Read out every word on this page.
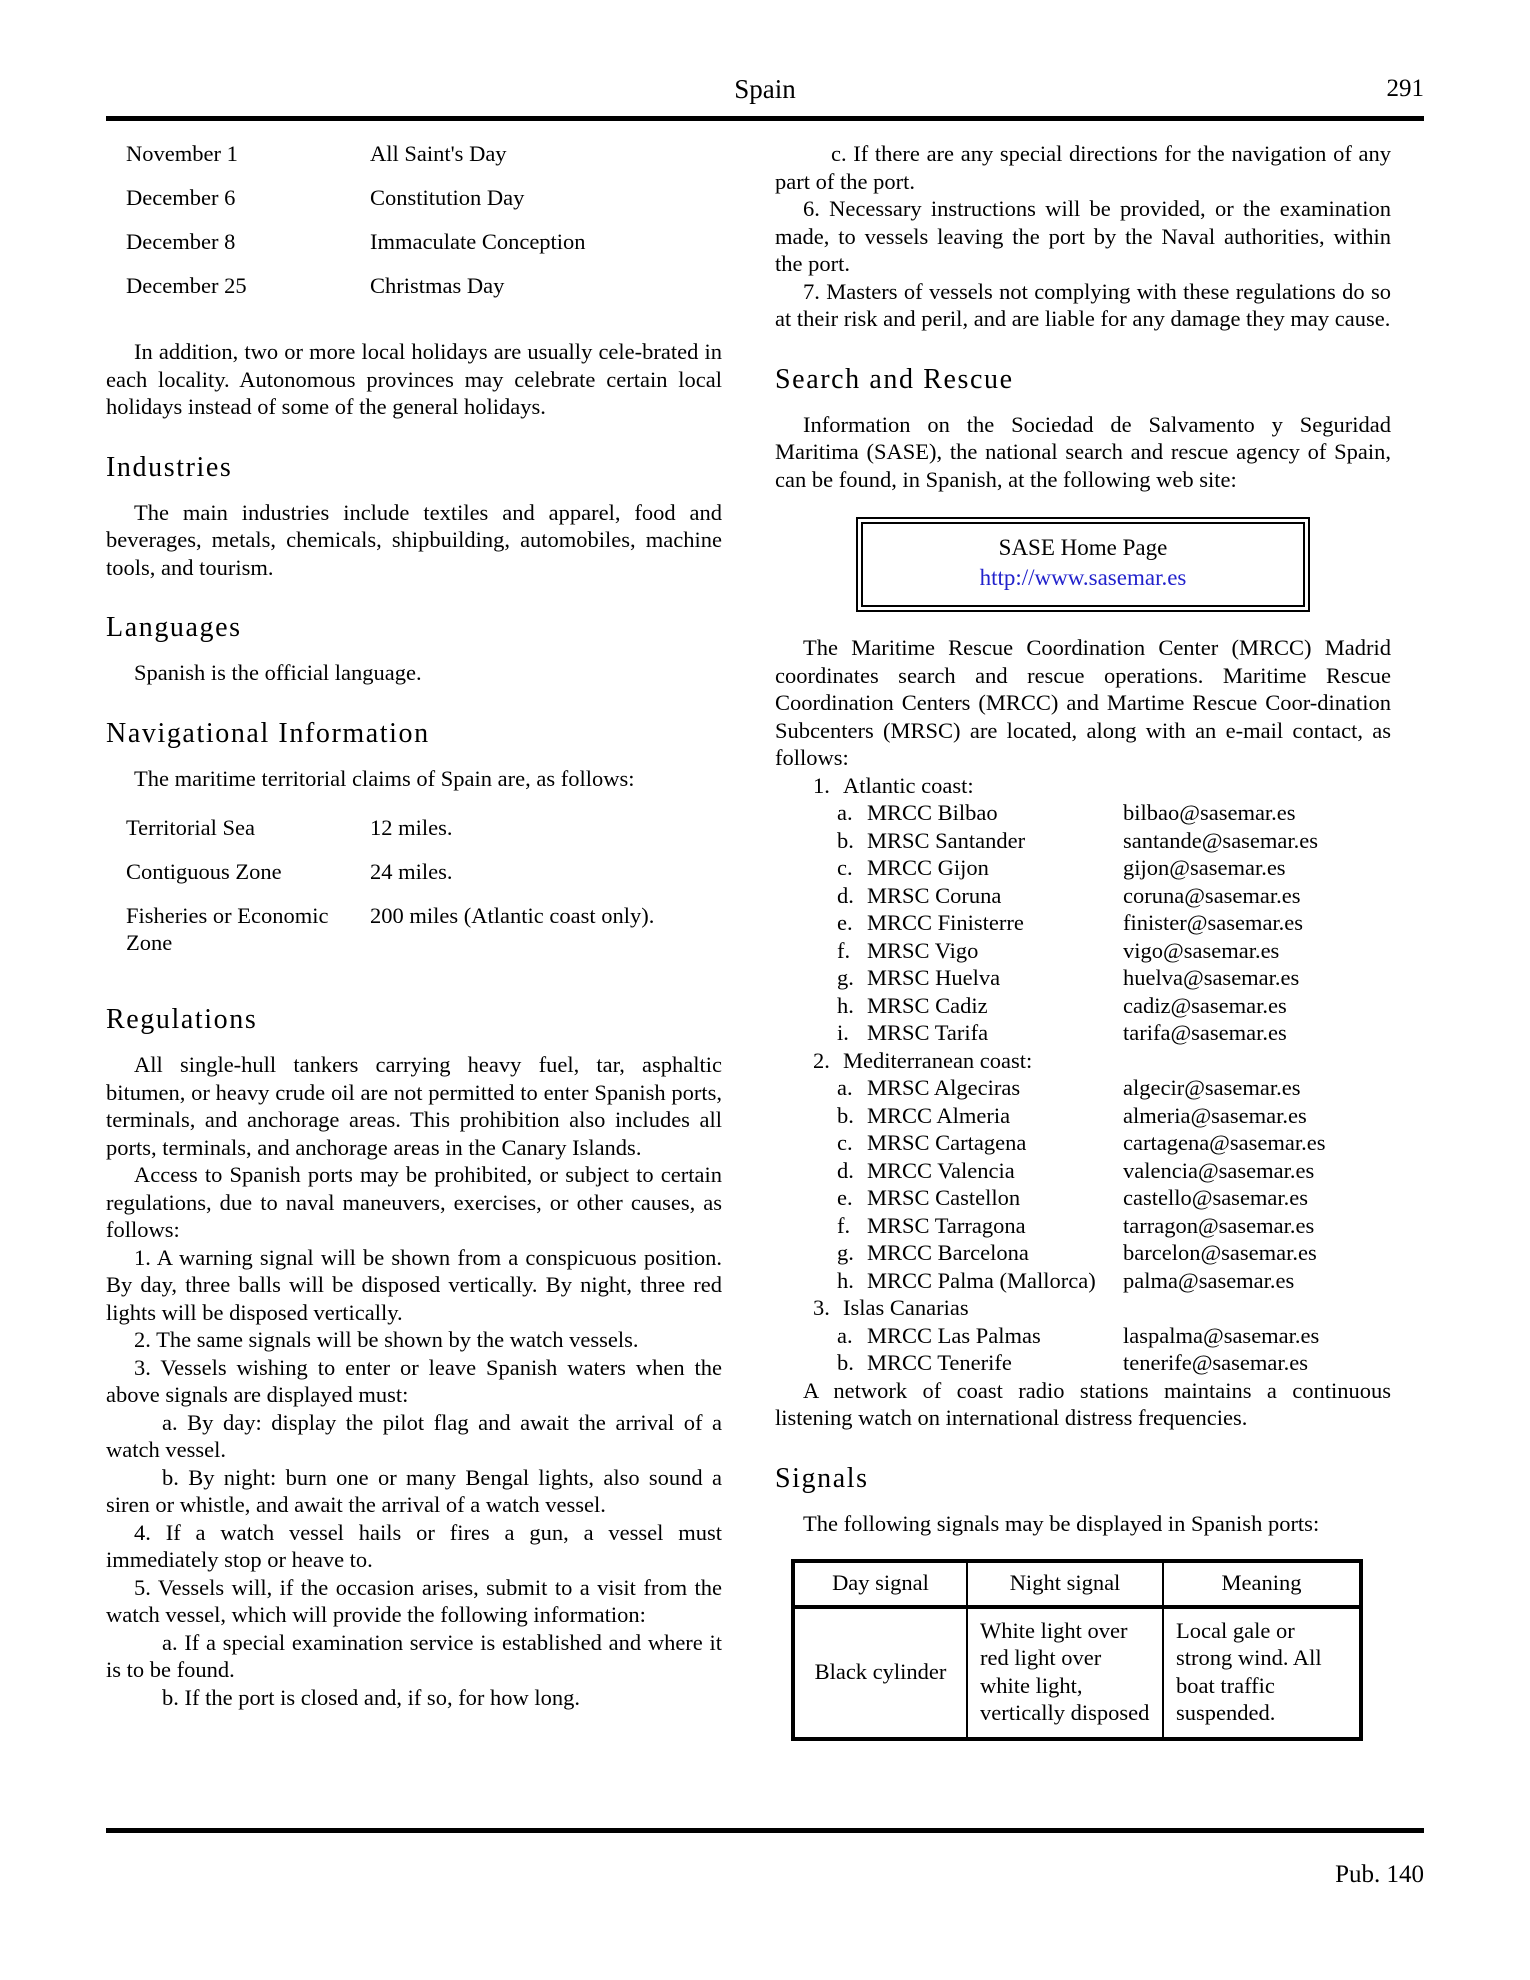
Spain	291
November 1	All Saint's Day
December 6	Constitution Day
December 8	Immaculate Conception
December 25	Christmas Day

In addition, two or more local holidays are usually cele-brated in each locality. Autonomous provinces may celebrate certain local holidays instead of some of the general holidays.

Industries

The main industries include textiles and apparel, food and beverages, metals, chemicals, shipbuilding, automobiles, machine tools, and tourism.

Languages

Spanish is the official language.

Navigational Information

The maritime territorial claims of Spain are, as follows:

Territorial Sea	12 miles.
Contiguous Zone	24 miles.
Fisheries or Economic Zone	200 miles (Atlantic coast only).
Regulations

All single-hull tankers carrying heavy fuel, tar, asphaltic bitumen, or heavy crude oil are not permitted to enter Spanish ports, terminals, and anchorage areas. This prohibition also includes all ports, terminals, and anchorage areas in the Canary Islands.

Access to Spanish ports may be prohibited, or subject to certain regulations, due to naval maneuvers, exercises, or other causes, as follows:

1. A warning signal will be shown from a conspicuous position. By day, three balls will be disposed vertically. By night, three red lights will be disposed vertically.

2. The same signals will be shown by the watch vessels.

3. Vessels wishing to enter or leave Spanish waters when the above signals are displayed must:

a. By day: display the pilot flag and await the arrival of a watch vessel.

b. By night: burn one or many Bengal lights, also sound a siren or whistle, and await the arrival of a watch vessel.

4. If a watch vessel hails or fires a gun, a vessel must immediately stop or heave to.

5. Vessels will, if the occasion arises, submit to a visit from the watch vessel, which will provide the following information:

a. If a special examination service is established and where it is to be found.

b. If the port is closed and, if so, for how long.

c. If there are any special directions for the navigation of any part of the port.

6. Necessary instructions will be provided, or the examination made, to vessels leaving the port by the Naval authorities, within the port.

7. Masters of vessels not complying with these regulations do so at their risk and peril, and are liable for any damage they may cause.

Search and Rescue

Information on the Sociedad de Salvamento y Seguridad Maritima (SASE), the national search and rescue agency of Spain, can be found, in Spanish, at the following web site:

SASE Home Page
http://www.sasemar.es

The Maritime Rescue Coordination Center (MRCC) Madrid coordinates search and rescue operations. Maritime Rescue Coordination Centers (MRCC) and Martime Rescue Coor-dination Subcenters (MRSC) are located, along with an e-mail contact, as follows:

1. Atlantic coast:
a. MRCC Bilbao	bilbao@sasemar.es
b. MRSC Santander	santande@sasemar.es
c. MRCC Gijon	gijon@sasemar.es
d. MRSC Coruna	coruna@sasemar.es
e. MRCC Finisterre	finister@sasemar.es
f. MRSC Vigo	vigo@sasemar.es
g. MRSC Huelva	huelva@sasemar.es
h. MRSC Cadiz	cadiz@sasemar.es
i. MRSC Tarifa	tarifa@sasemar.es
2. Mediterranean coast:
a. MRSC Algeciras	algecir@sasemar.es
b. MRCC Almeria	almeria@sasemar.es
c. MRSC Cartagena	cartagena@sasemar.es
d. MRCC Valencia	valencia@sasemar.es
e. MRSC Castellon	castello@sasemar.es
f. MRSC Tarragona	tarragon@sasemar.es
g. MRCC Barcelona	barcelon@sasemar.es
h. MRCC Palma (Mallorca)	palma@sasemar.es
3. Islas Canarias
a. MRCC Las Palmas	laspalma@sasemar.es
b. MRCC Tenerife	tenerife@sasemar.es

A network of coast radio stations maintains a continuous listening watch on international distress frequencies.

Signals

The following signals may be displayed in Spanish ports:

Day signal	Night signal	Meaning
Black cylinder	White light over red light over white light, vertically disposed	Local gale or strong wind. All boat traffic suspended.
Pub. 140
